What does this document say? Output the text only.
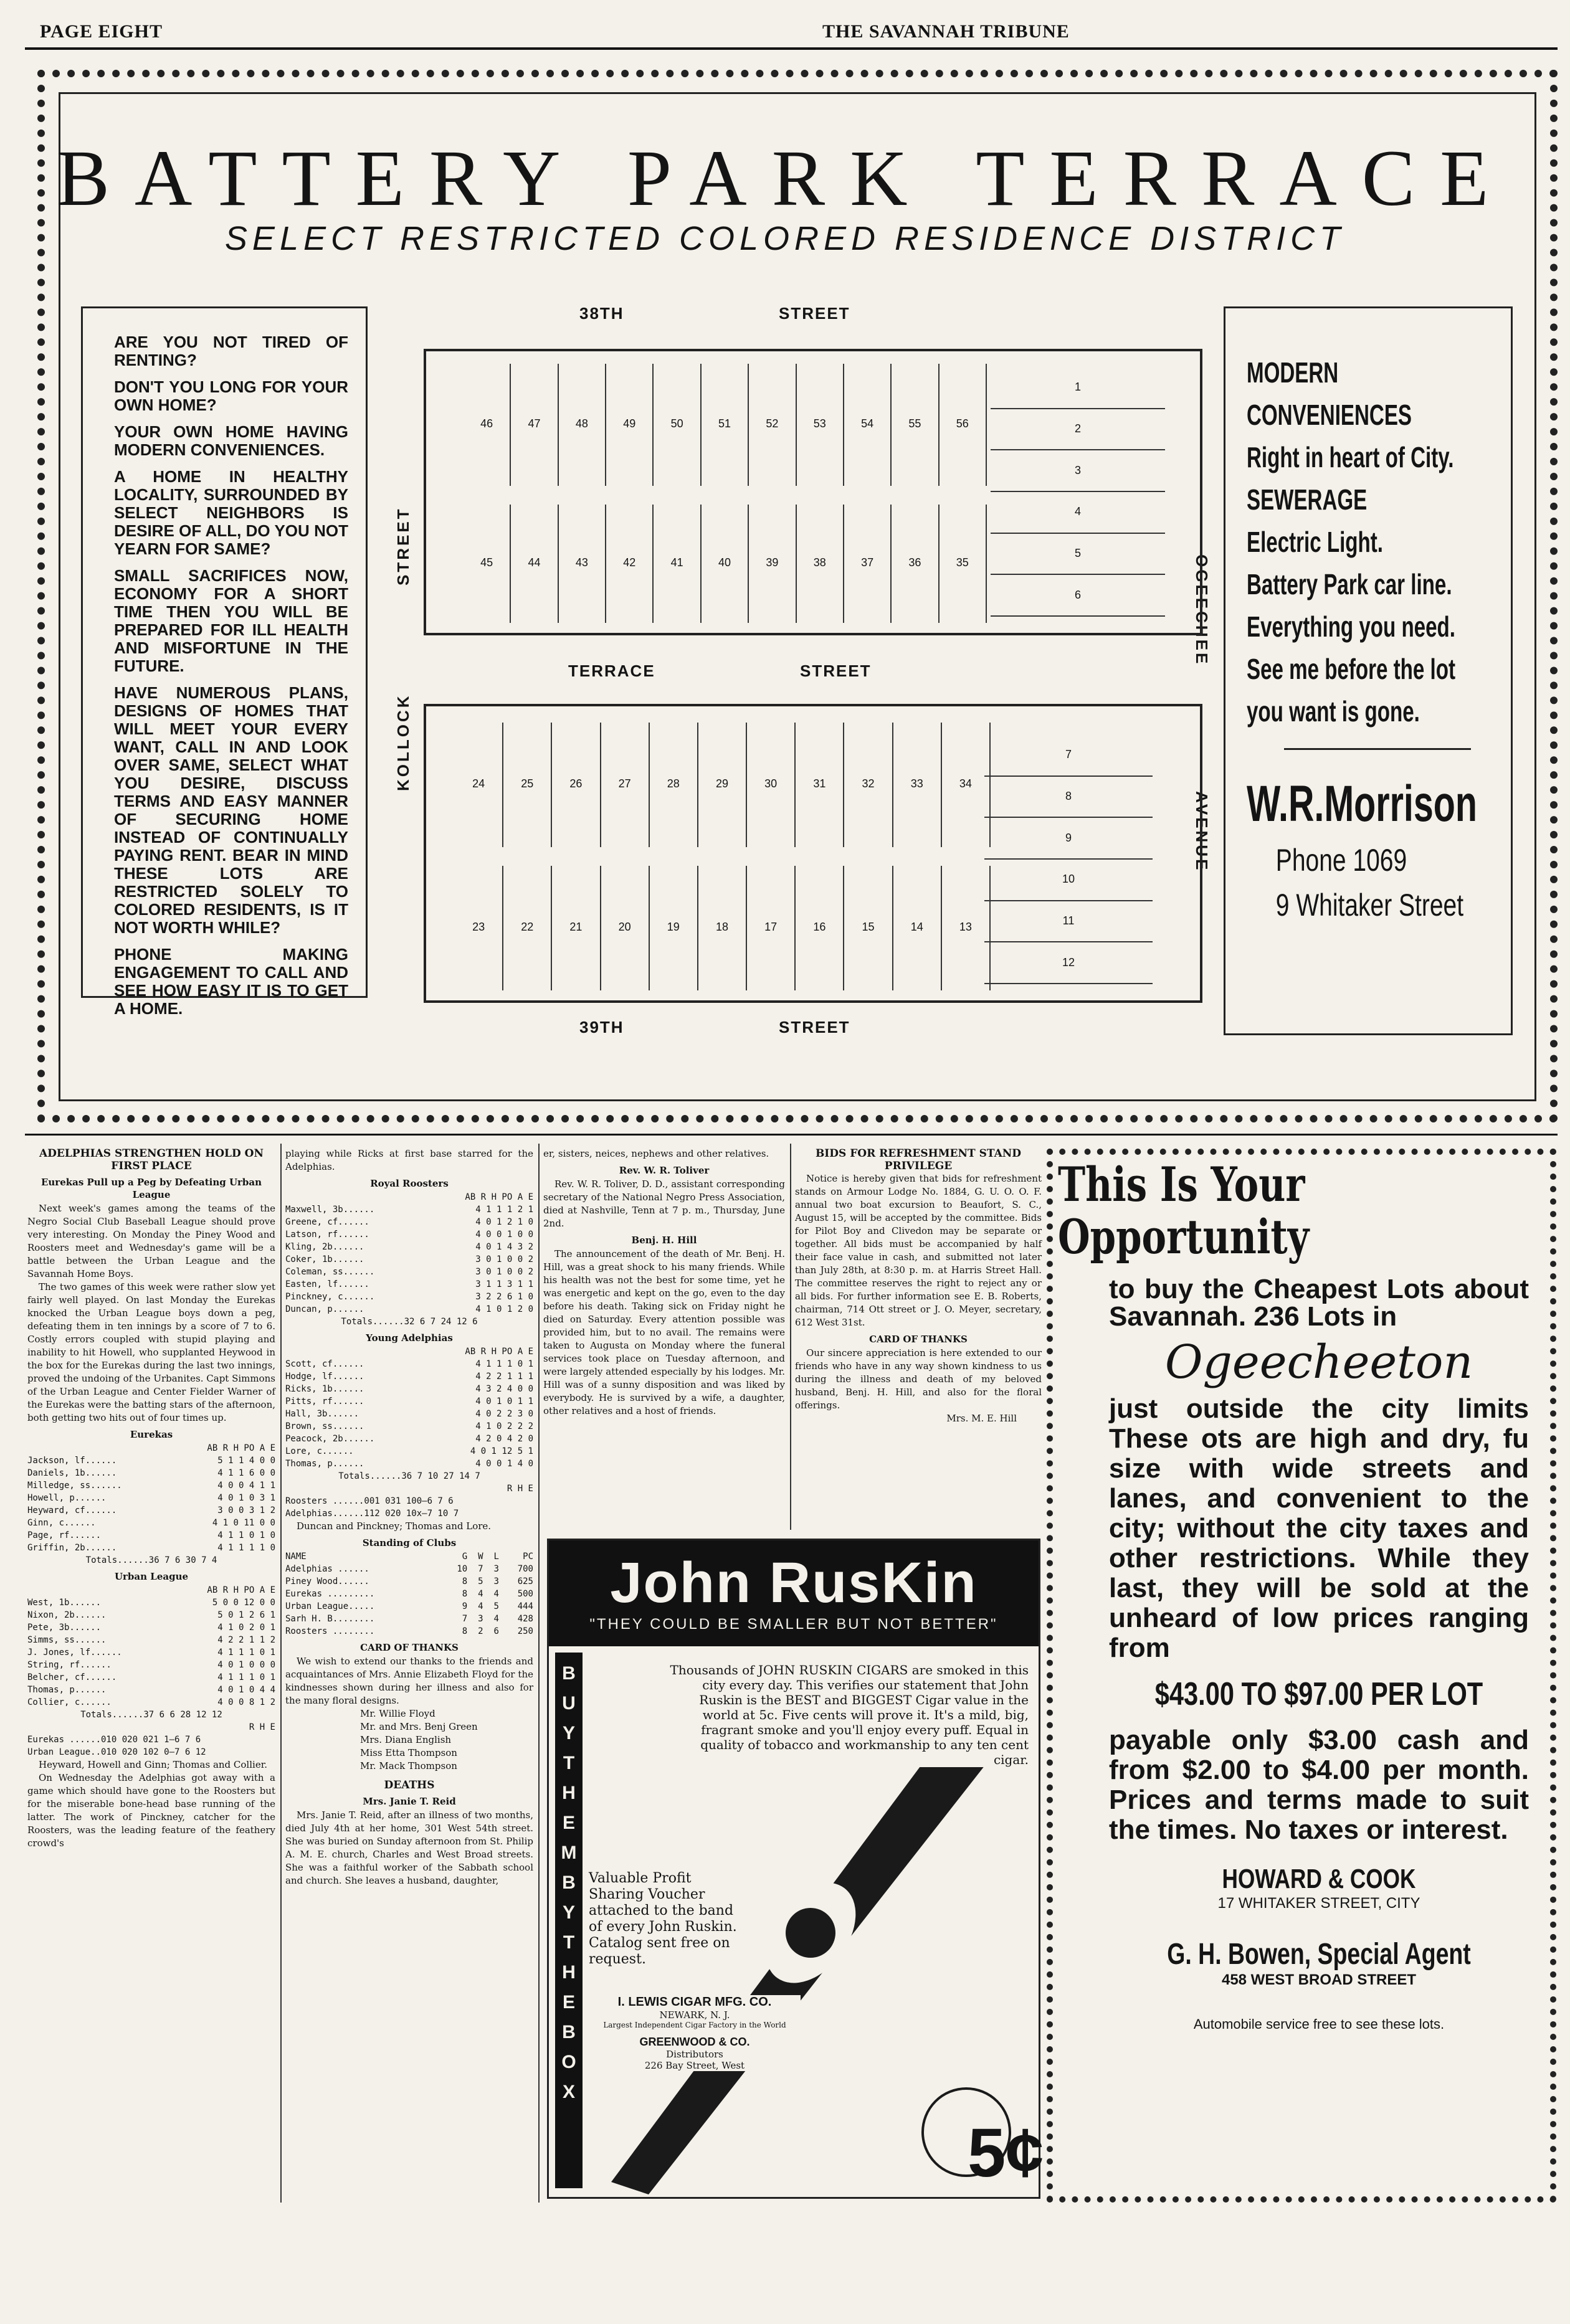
PAGE EIGHT	THE SAVANNAH TRIBUNE
BATTERY PARK TERRACE
SELECT RESTRICTED COLORED RESIDENCE DISTRICT

ARE YOU NOT TIRED OF RENTING?

DON'T YOU LONG FOR YOUR OWN HOME?

YOUR OWN HOME HAVING MODERN CONVENIENCES.

A HOME IN HEALTHY LOCALITY, SURROUNDED BY SELECT NEIGHBORS IS DESIRE OF ALL, DO YOU NOT YEARN FOR SAME?

SMALL SACRIFICES NOW, ECONOMY FOR A SHORT TIME THEN YOU WILL BE PREPARED FOR ILL HEALTH AND MISFORTUNE IN THE FUTURE.

HAVE NUMEROUS PLANS, DESIGNS OF HOMES THAT WILL MEET YOUR EVERY WANT, CALL IN AND LOOK OVER SAME, SELECT WHAT YOU DESIRE, DISCUSS TERMS AND EASY MANNER OF SECURING HOME INSTEAD OF CONTINUALLY PAYING RENT. BEAR IN MIND THESE LOTS ARE RESTRICTED SOLELY TO COLORED RESIDENTS, IS IT NOT WORTH WHILE?

PHONE MAKING ENGAGEMENT TO CALL AND SEE HOW EASY IT IS TO GET A HOME.

MODERN
CONVENIENCES
Right in heart of City.
SEWERAGE
Electric Light.
Battery Park car line.
Everything you need.
See me before the lot
you want is gone.
W.R.Morrison
Phone 1069
9 Whitaker Street
38TH	STREET
TERRACE	STREET
39TH	STREET
KOLLOCK
STREET
OGEECHEE
AVENUE
46	47	48	49	50	51	52	53	54	55	56
45	44	43	42	41	40	39	38	37	36	35
1
2
3
4
5
6
24	25	26	27	28	29	30	31	32	33	34
23	22	21	20	19	18	17	16	15	14	13
7
8
9
10
11
12
ADELPHIAS STRENGTHEN HOLD ON FIRST PLACE
Eurekas Pull up a Peg by Defeating Urban League

Next week's games among the teams of the Negro Social Club Baseball League should prove very interesting. On Monday the Piney Wood and Roosters meet and Wednesday's game will be a battle between the Urban League and the Savannah Home Boys.

The two games of this week were rather slow yet fairly well played. On last Monday the Eurekas knocked the Urban League boys down a peg, defeating them in ten innings by a score of 7 to 6. Costly errors coupled with stupid playing and inability to hit Howell, who supplanted Heywood in the box for the Eurekas during the last two innings, proved the undoing of the Urbanites. Capt Simmons of the Urban League and Center Fielder Warner of the Eurekas were the batting stars of the afternoon, both getting two hits out of four times up.

Eurekas
	AB R H PO A E
Jackson, lf......	5 1 1 4 0 0
Daniels, 1b......	4 1 1 6 0 0
Milledge, ss......	4 0 0 4 1 1
Howell, p......	4 0 1 0 3 1
Heyward, cf......	3 0 0 3 1 2
Ginn, c......	4 1 0 11 0 0
Page, rf......	4 1 1 0 1 0
Griffin, 2b......	4 1 1 1 1 0
Totals......36 7 6 30 7 4
Urban League
	AB R H PO A E
West, 1b......	5 0 0 12 0 0
Nixon, 2b......	5 0 1 2 6 1
Pete, 3b......	4 1 0 2 0 1
Simms, ss......	4 2 2 1 1 2
J. Jones, lf......	4 1 1 1 0 1
String, rf......	4 0 1 0 0 0
Belcher, cf......	4 1 1 1 0 1
Thomas, p......	4 0 1 0 4 4
Collier, c......	4 0 0 8 1 2
Totals......37 6 6 28 12 12
R H E
Eurekas ......010 020 021 1—6 7 6
Urban League..010 020 102 0—7 6 12

Heyward, Howell and Ginn; Thomas and Collier.

On Wednesday the Adelphias got away with a game which should have gone to the Roosters but for the miserable bone-head base running of the latter. The work of Pinckney, catcher for the Roosters, was the leading feature of the feathery crowd's

playing while Ricks at first base starred for the Adelphias.
Royal Roosters
	AB R H PO A E
Maxwell, 3b......	4 1 1 1 2 1
Greene, cf......	4 0 1 2 1 0
Latson, rf......	4 0 0 1 0 0
Kling, 2b......	4 0 1 4 3 2
Coker, 1b......	3 0 1 0 0 2
Coleman, ss......	3 0 1 0 0 2
Easten, lf......	3 1 1 3 1 1
Pinckney, c......	3 2 2 6 1 0
Duncan, p......	4 1 0 1 2 0
Totals......32 6 7 24 12 6
Young Adelphias
	AB R H PO A E
Scott, cf......	4 1 1 1 0 1
Hodge, lf......	4 2 2 1 1 1
Ricks, 1b......	4 3 2 4 0 0
Pitts, rf......	4 0 1 0 1 1
Hall, 3b......	4 0 2 2 3 0
Brown, ss......	4 1 0 2 2 2
Peacock, 2b......	4 2 0 4 2 0
Lore, c......	4 0 1 12 5 1
Thomas, p......	4 0 0 1 4 0
Totals......36 7 10 27 14 7
R H E
Roosters ......001 031 100—6 7 6
Adelphias......112 020 10x—7 10 7

Duncan and Pinckney; Thomas and Lore.

Standing of Clubs
NAME	G	W	L	PC
Adelphias ......	10	7	3	700
Piney Wood......	8	5	3	625
Eurekas .........	8	4	4	500
Urban League.....	9	4	5	444
Sarh H. B........	7	3	4	428
Roosters ........	8	2	6	250
CARD OF THANKS

We wish to extend our thanks to the friends and acquaintances of Mrs. Annie Elizabeth Floyd for the kindnesses shown during her illness and also for the many floral designs.

Mr. Willie Floyd
Mr. and Mrs. Benj Green
Mrs. Diana English
Miss Etta Thompson
Mr. Mack Thompson
DEATHS
Mrs. Janie T. Reid

Mrs. Janie T. Reid, after an illness of two months, died July 4th at her home, 301 West 54th street. She was buried on Sunday afternoon from St. Philip A. M. E. church, Charles and West Broad streets. She was a faithful worker of the Sabbath school and church. She leaves a husband, daughter,

er, sisters, neices, nephews and other relatives.
Rev. W. R. Toliver

Rev. W. R. Toliver, D. D., assistant corresponding secretary of the National Negro Press Association, died at Nashville, Tenn at 7 p. m., Thursday, June 2nd.

Benj. H. Hill

The announcement of the death of Mr. Benj. H. Hill, was a great shock to his many friends. While his health was not the best for some time, yet he was energetic and kept on the go, even to the day before his death. Taking sick on Friday night he died on Saturday. Every attention possible was provided him, but to no avail. The remains were taken to Augusta on Monday where the funeral services took place on Tuesday afternoon, and were largely attended especially by his lodges. Mr. Hill was of a sunny disposition and was liked by everybody. He is survived by a wife, a daughter, other relatives and a host of friends.

BIDS FOR REFRESHMENT STAND PRIVILEGE

Notice is hereby given that bids for refreshment stands on Armour Lodge No. 1884, G. U. O. O. F. annual two boat excursion to Beaufort, S. C., August 15, will be accepted by the committee. Bids for Pilot Boy and Clivedon may be separate or together. All bids must be accompanied by half their face value in cash, and submitted not later than July 28th, at 8:30 p. m. at Harris Street Hall. The committee reserves the right to reject any or all bids. For further information see E. B. Roberts, chairman, 714 Ott street or J. O. Meyer, secretary, 612 West 31st.

CARD OF THANKS

Our sincere appreciation is here extended to our friends who have in any way shown kindness to us during the illness and death of my beloved husband, Benj. H. Hill, and also for the floral offerings.

Mrs. M. E. Hill
John RusKin
"THEY COULD BE SMALLER BUT NOT BETTER"
B
U
Y
T
H
E
M
B
Y
T
H
E
B
O
X
Thousands of JOHN RUSKIN CIGARS are smoked in this city every day. This verifies our statement that John Ruskin is the BEST and BIGGEST Cigar value in the world at 5c. Five cents will prove it. It's a mild, big, fragrant smoke and you'll enjoy every puff. Equal in quality of tobacco and workmanship to any ten cent cigar.
Valuable Profit Sharing Voucher attached to the band of every John Ruskin. Catalog sent free on request.
I. LEWIS CIGAR MFG. CO.
NEWARK, N. J.
Largest Independent Cigar Factory in the World
GREENWOOD & CO.
Distributors
226 Bay Street, West
5¢
This Is Your
Opportunity
to buy the Cheapest Lots about Savannah. 236 Lots in
Ogeecheeton
just outside the city limits These ots are high and dry, fu size with wide streets and lanes, and convenient to the city; without the city taxes and other restrictions. While they last, they will be sold at the unheard of low prices ranging from
$43.00 TO $97.00 PER LOT
payable only $3.00 cash and from $2.00 to $4.00 per month. Prices and terms made to suit the times. No taxes or interest.
HOWARD & COOK
17 WHITAKER STREET, CITY
G. H. Bowen, Special Agent
458 WEST BROAD STREET
Automobile service free to see these lots.
